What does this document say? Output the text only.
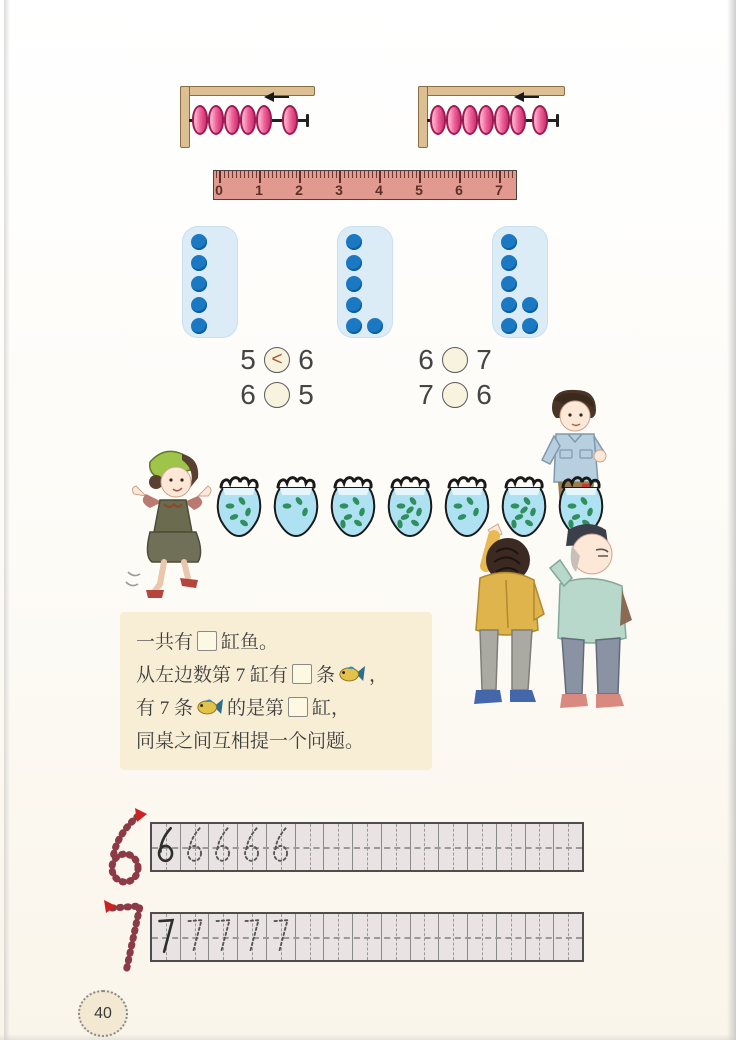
0 1 2 3 4 5 6 7
5 < 6
6 5
6 7
7 6
一共有 缸鱼。
从左边数第 7 缸有 条 ，
有 7 条 的是第 缸，
同桌之间互相提一个问题。
40
